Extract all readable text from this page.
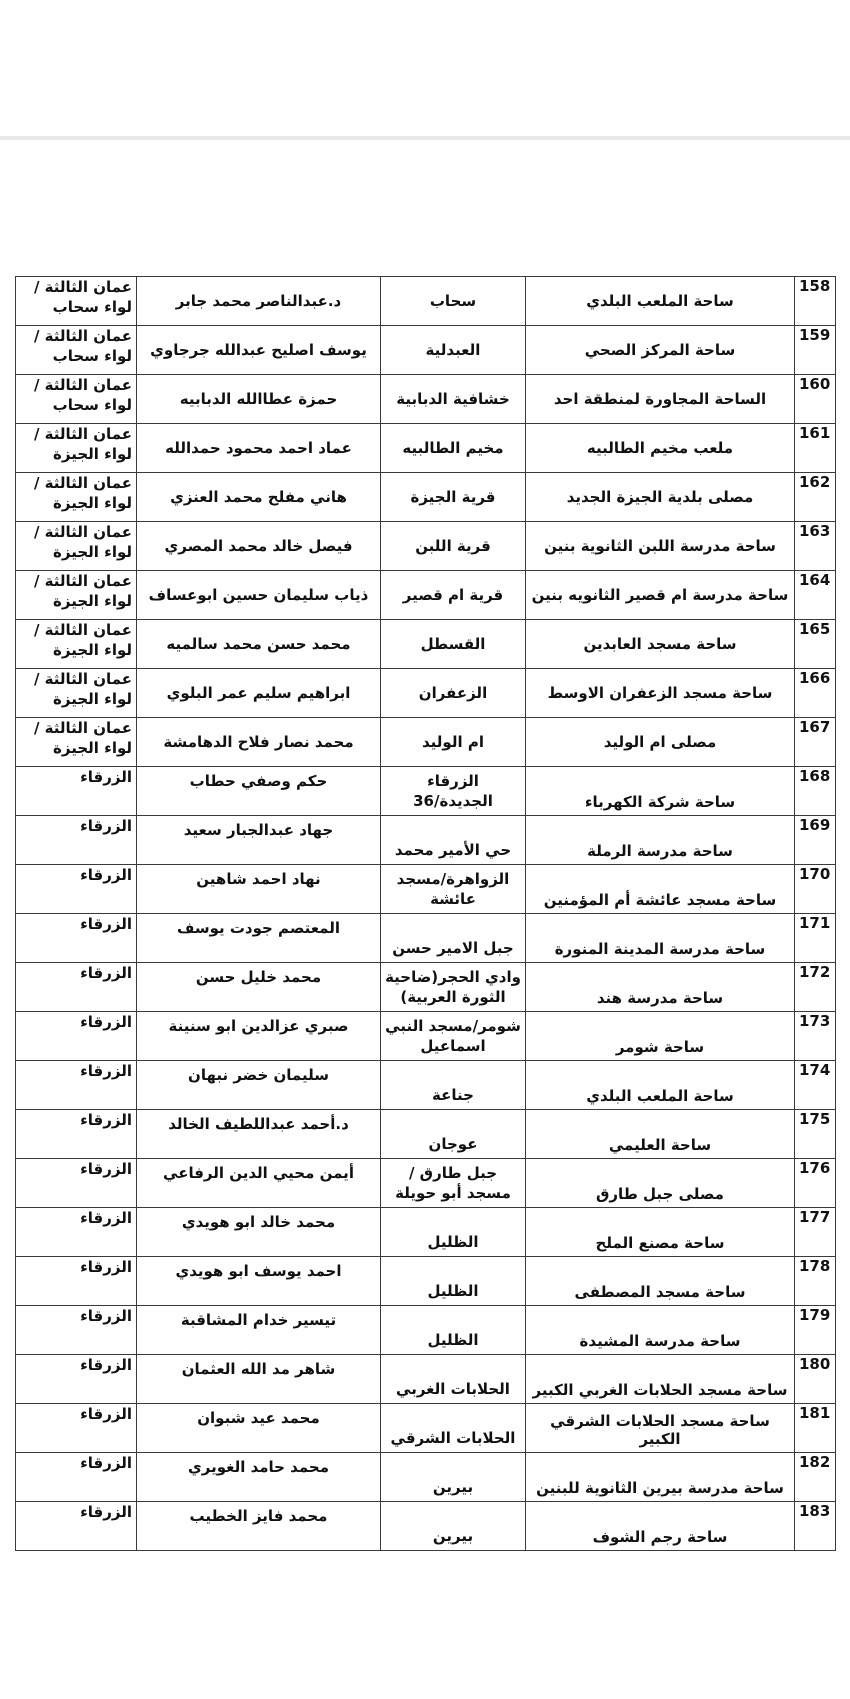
عمان الثالثة /لواء سحاب	د.عبدالناصر محمد جابر	سحاب	ساحة الملعب البلدي	158
عمان الثالثة /لواء سحاب	يوسف اصليح عبدالله جرجاوي	العبدلية	ساحة المركز الصحي	159
عمان الثالثة /لواء سحاب	حمزة عطاالله الدبابيه	خشافية الدبابية	الساحة المجاورة لمنطقة احد	160
عمان الثالثة /لواء الجيزة	عماد احمد محمود حمدالله	مخيم الطالبيه	ملعب مخيم الطالبيه	161
عمان الثالثة /لواء الجيزة	هاني مفلح محمد العنزي	قرية الجيزة	مصلى بلدية الجيزة الجديد	162
عمان الثالثة /لواء الجيزة	فيصل خالد محمد المصري	قرية اللبن	ساحة مدرسة اللبن الثانوية بنين	163
عمان الثالثة /لواء الجيزة	ذياب سليمان حسين ابوعساف	قرية ام قصير	ساحة مدرسة ام قصير الثانويه بنين	164
عمان الثالثة /لواء الجيزة	محمد حسن محمد سالميه	القسطل	ساحة مسجد العابدين	165
عمان الثالثة /لواء الجيزة	ابراهيم سليم عمر البلوي	الزعفران	ساحة مسجد الزعفران الاوسط	166
عمان الثالثة /لواء الجيزة	محمد نصار فلاح الدهامشة	ام الوليد	مصلى ام الوليد	167
الزرقاء	حكم وصفي حطاب	الزرقاء الجديدة/36	ساحة شركة الكهرباء	168
الزرقاء	جهاد عبدالجبار سعيد	حي الأمير محمد	ساحة مدرسة الرملة	169
الزرقاء	نهاد احمد شاهين	الزواهرة/مسجد عائشة	ساحة مسجد عائشة أم المؤمنين	170
الزرقاء	المعتصم جودت يوسف	جبل الامير حسن	ساحة مدرسة المدينة المنورة	171
الزرقاء	محمد خليل حسن	وادي الحجر(ضاحية الثورة العربية)	ساحة مدرسة هند	172
الزرقاء	صبري عزالدين ابو سنينة	شومر/مسجد النبي اسماعيل	ساحة شومر	173
الزرقاء	سليمان خضر نبهان	جناعة	ساحة الملعب البلدي	174
الزرقاء	د.أحمد عبداللطيف الخالد	عوجان	ساحة العليمي	175
الزرقاء	أيمن محيي الدين الرفاعي	جبل طارق / مسجد أبو حويلة	مصلى جبل طارق	176
الزرقاء	محمد خالد ابو هويدي	الظليل	ساحة مصنع الملح	177
الزرقاء	احمد يوسف ابو هويدي	الظليل	ساحة مسجد المصطفى	178
الزرقاء	تيسير خدام المشاقبة	الظليل	ساحة مدرسة المشيدة	179
الزرقاء	شاهر مد الله العثمان	الحلابات الغربي	ساحة مسجد الحلابات الغربي الكبير	180
الزرقاء	محمد عيد شبوان	الحلابات الشرقي	ساحة مسجد الحلابات الشرقي الكبير	181
الزرقاء	محمد حامد الغويري	بيرين	ساحة مدرسة بيرين الثانوية للبنين	182
الزرقاء	محمد فايز الخطيب	بيرين	ساحة رجم الشوف	183
